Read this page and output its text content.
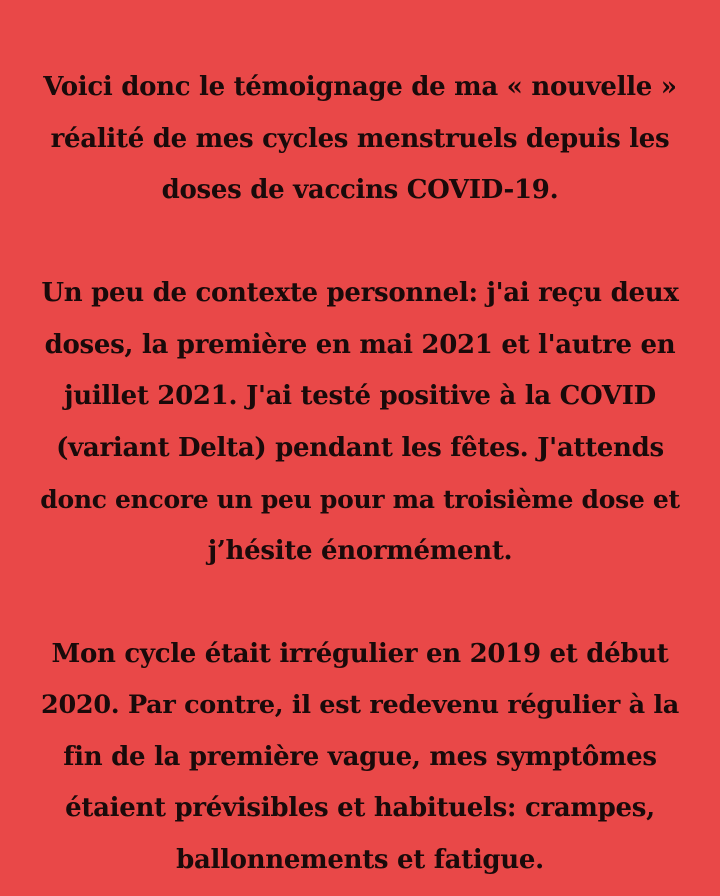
Voici donc le témoignage de ma « nouvelle »
réalité de mes cycles menstruels depuis les
doses de vaccins COVID-19.

Un peu de contexte personnel: j'ai reçu deux
doses, la première en mai 2021 et l'autre en
juillet 2021. J'ai testé positive à la COVID
(variant Delta) pendant les fêtes. J'attends
donc encore un peu pour ma troisième dose et
j’hésite énormément.

Mon cycle était irrégulier en 2019 et début
2020. Par contre, il est redevenu régulier à la
fin de la première vague, mes symptômes
étaient prévisibles et habituels: crampes,
ballonnements et fatigue.
